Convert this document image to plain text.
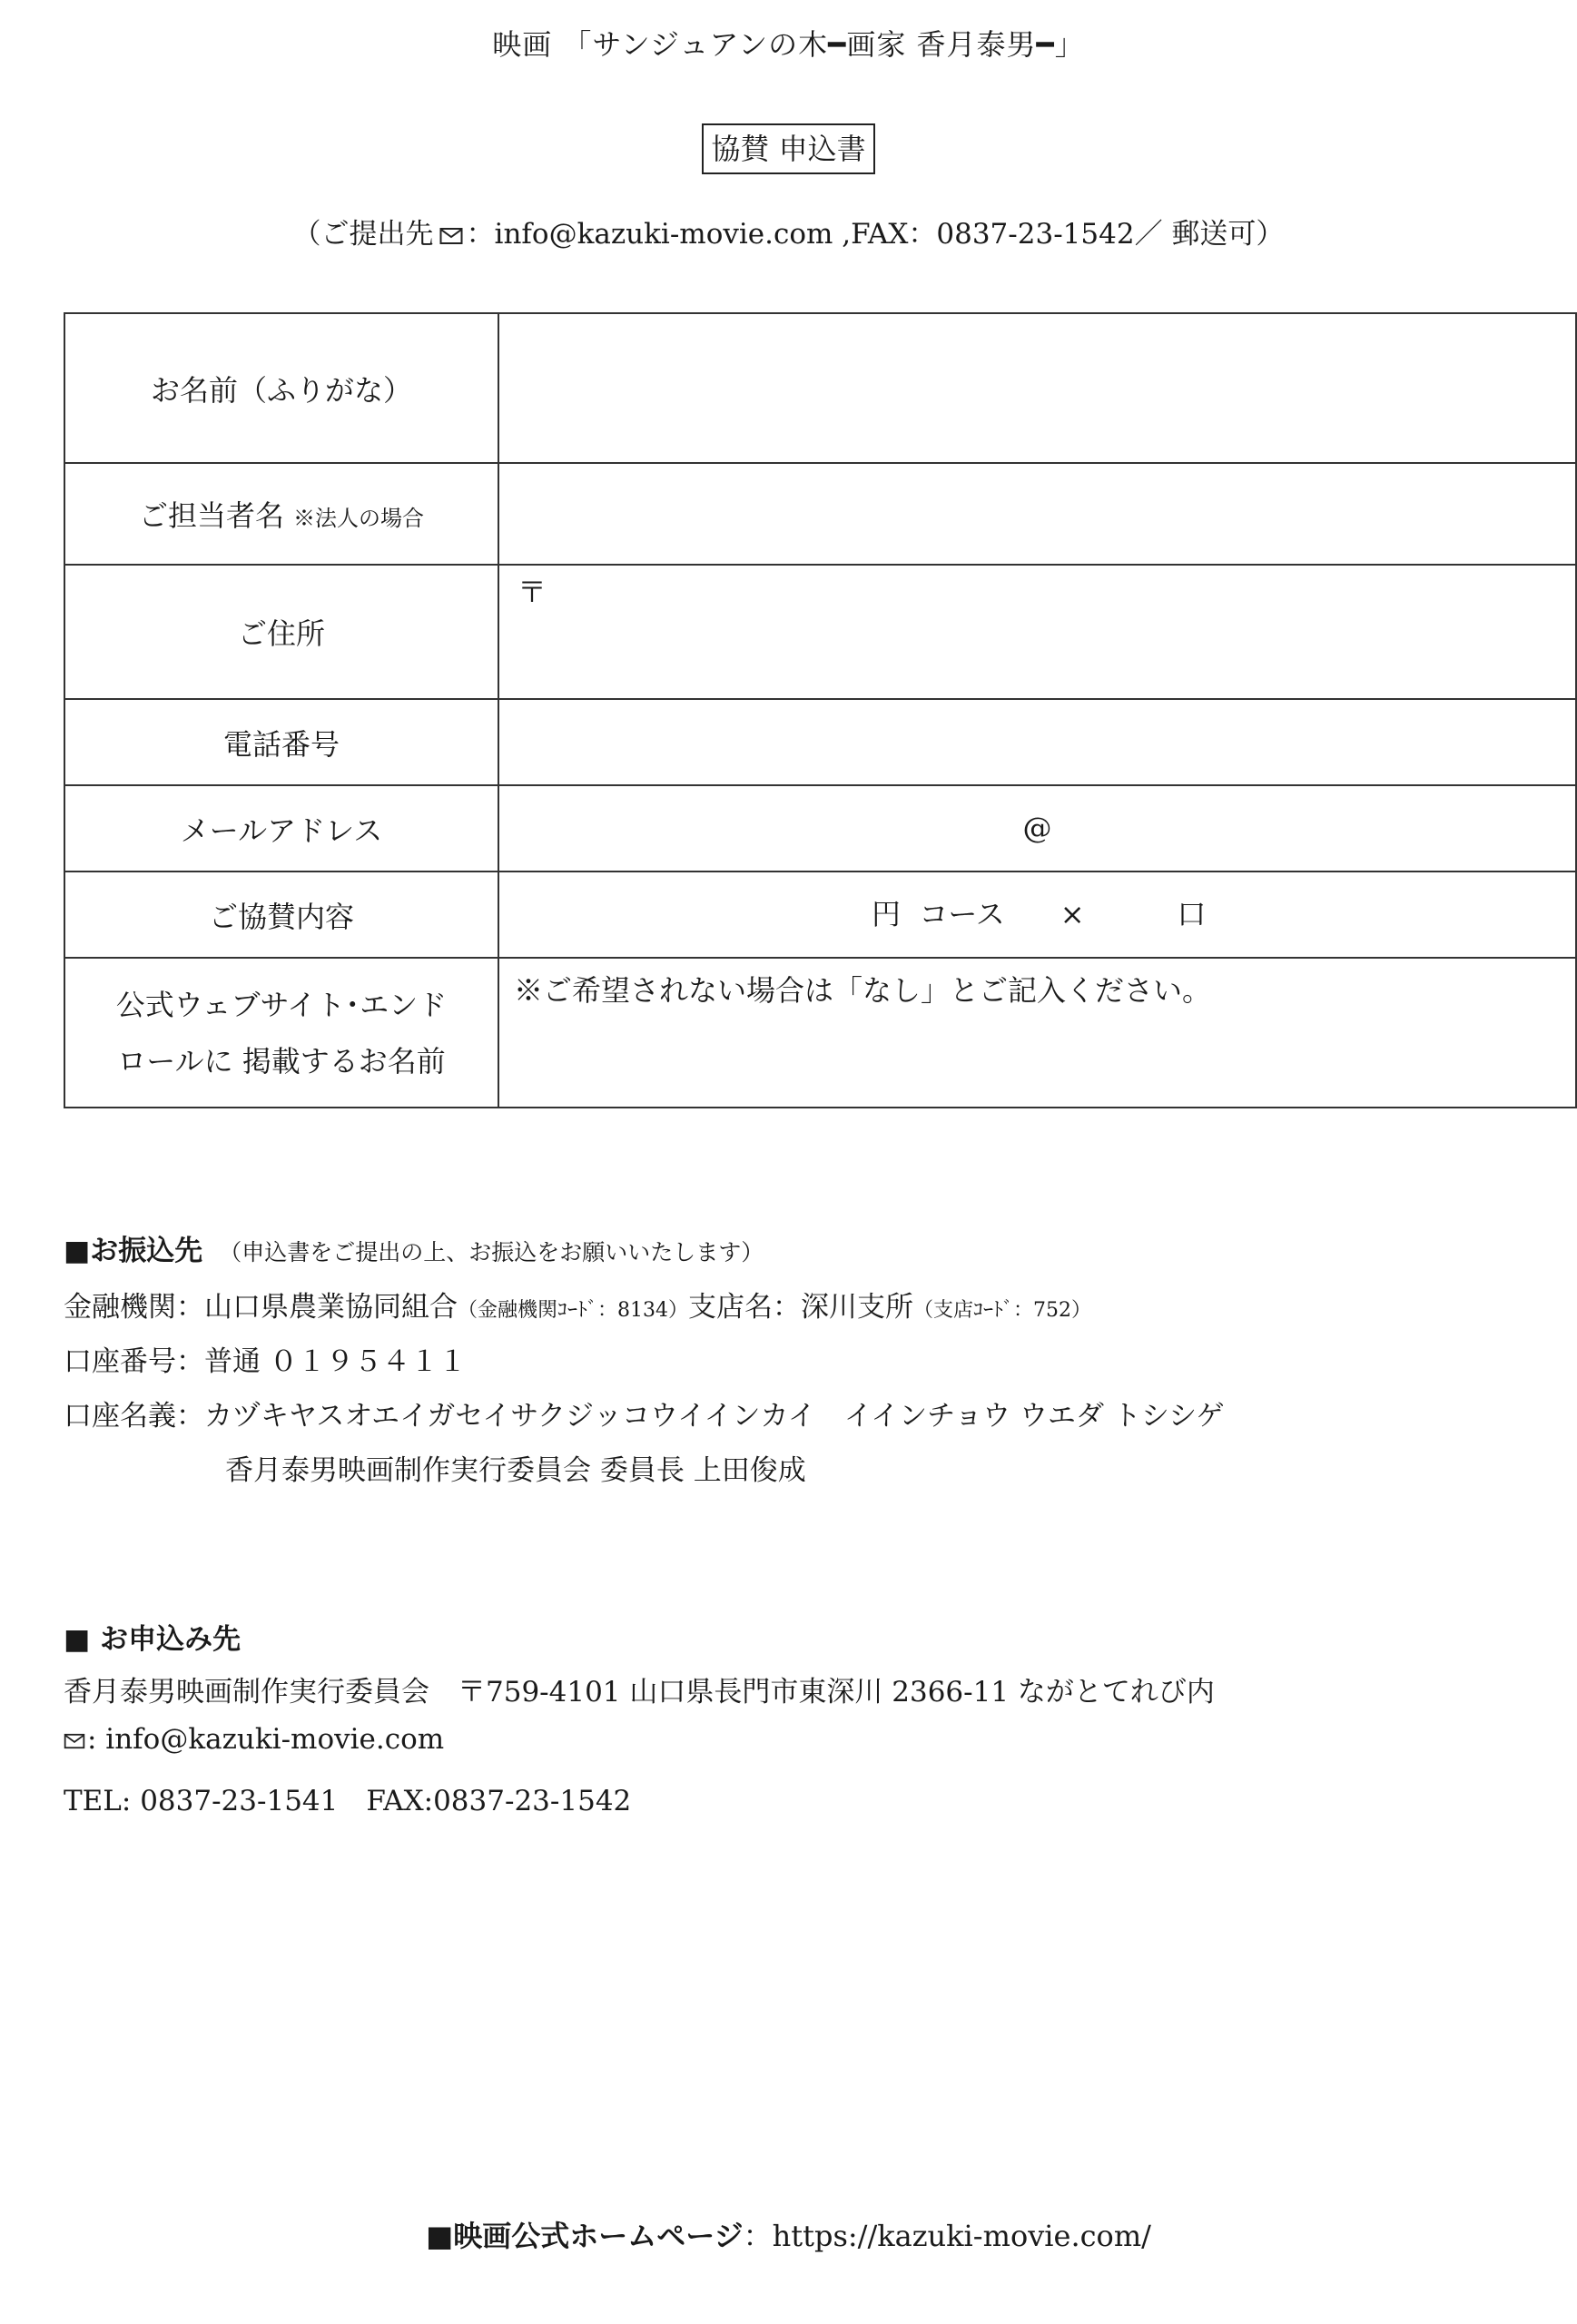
映画 「サンジュアンの木━画家 香月泰男━」
協賛 申込書
（ご提出先 ：info@kazuki-movie.com ,FAX：0837-23-1542／ 郵送可）
お名前（ふりがな）	
ご担当者名 ※法人の場合	
ご住所	〒

電話番号	
メールアドレス	@

ご協賛内容	円 コース × 口

公式ウェブサイト･エンド
ロールに 掲載するお名前	※ご希望されない場合は「なし」とご記入ください。
■お振込先 （申込書をご提出の上、お振込をお願いいたします）
金融機関：山口県農業協同組合（金融機関ｺｰﾄﾞ：8134）支店名：深川支所（支店ｺｰﾄﾞ：752）
口座番号：普通 ０１９５４１１
口座名義：カヅキヤスオエイガセイサクジッコウイインカイ　イインチョウ ウエダ トシシゲ
香月泰男映画制作実行委員会 委員長 上田俊成
■ お申込み先
香月泰男映画制作実行委員会　〒759-4101 山口県長門市東深川 2366-11 ながとてれび内
: info@kazuki-movie.com
TEL: 0837-23-1541　FAX:0837-23-1542
■映画公式ホームページ：https://kazuki-movie.com/
